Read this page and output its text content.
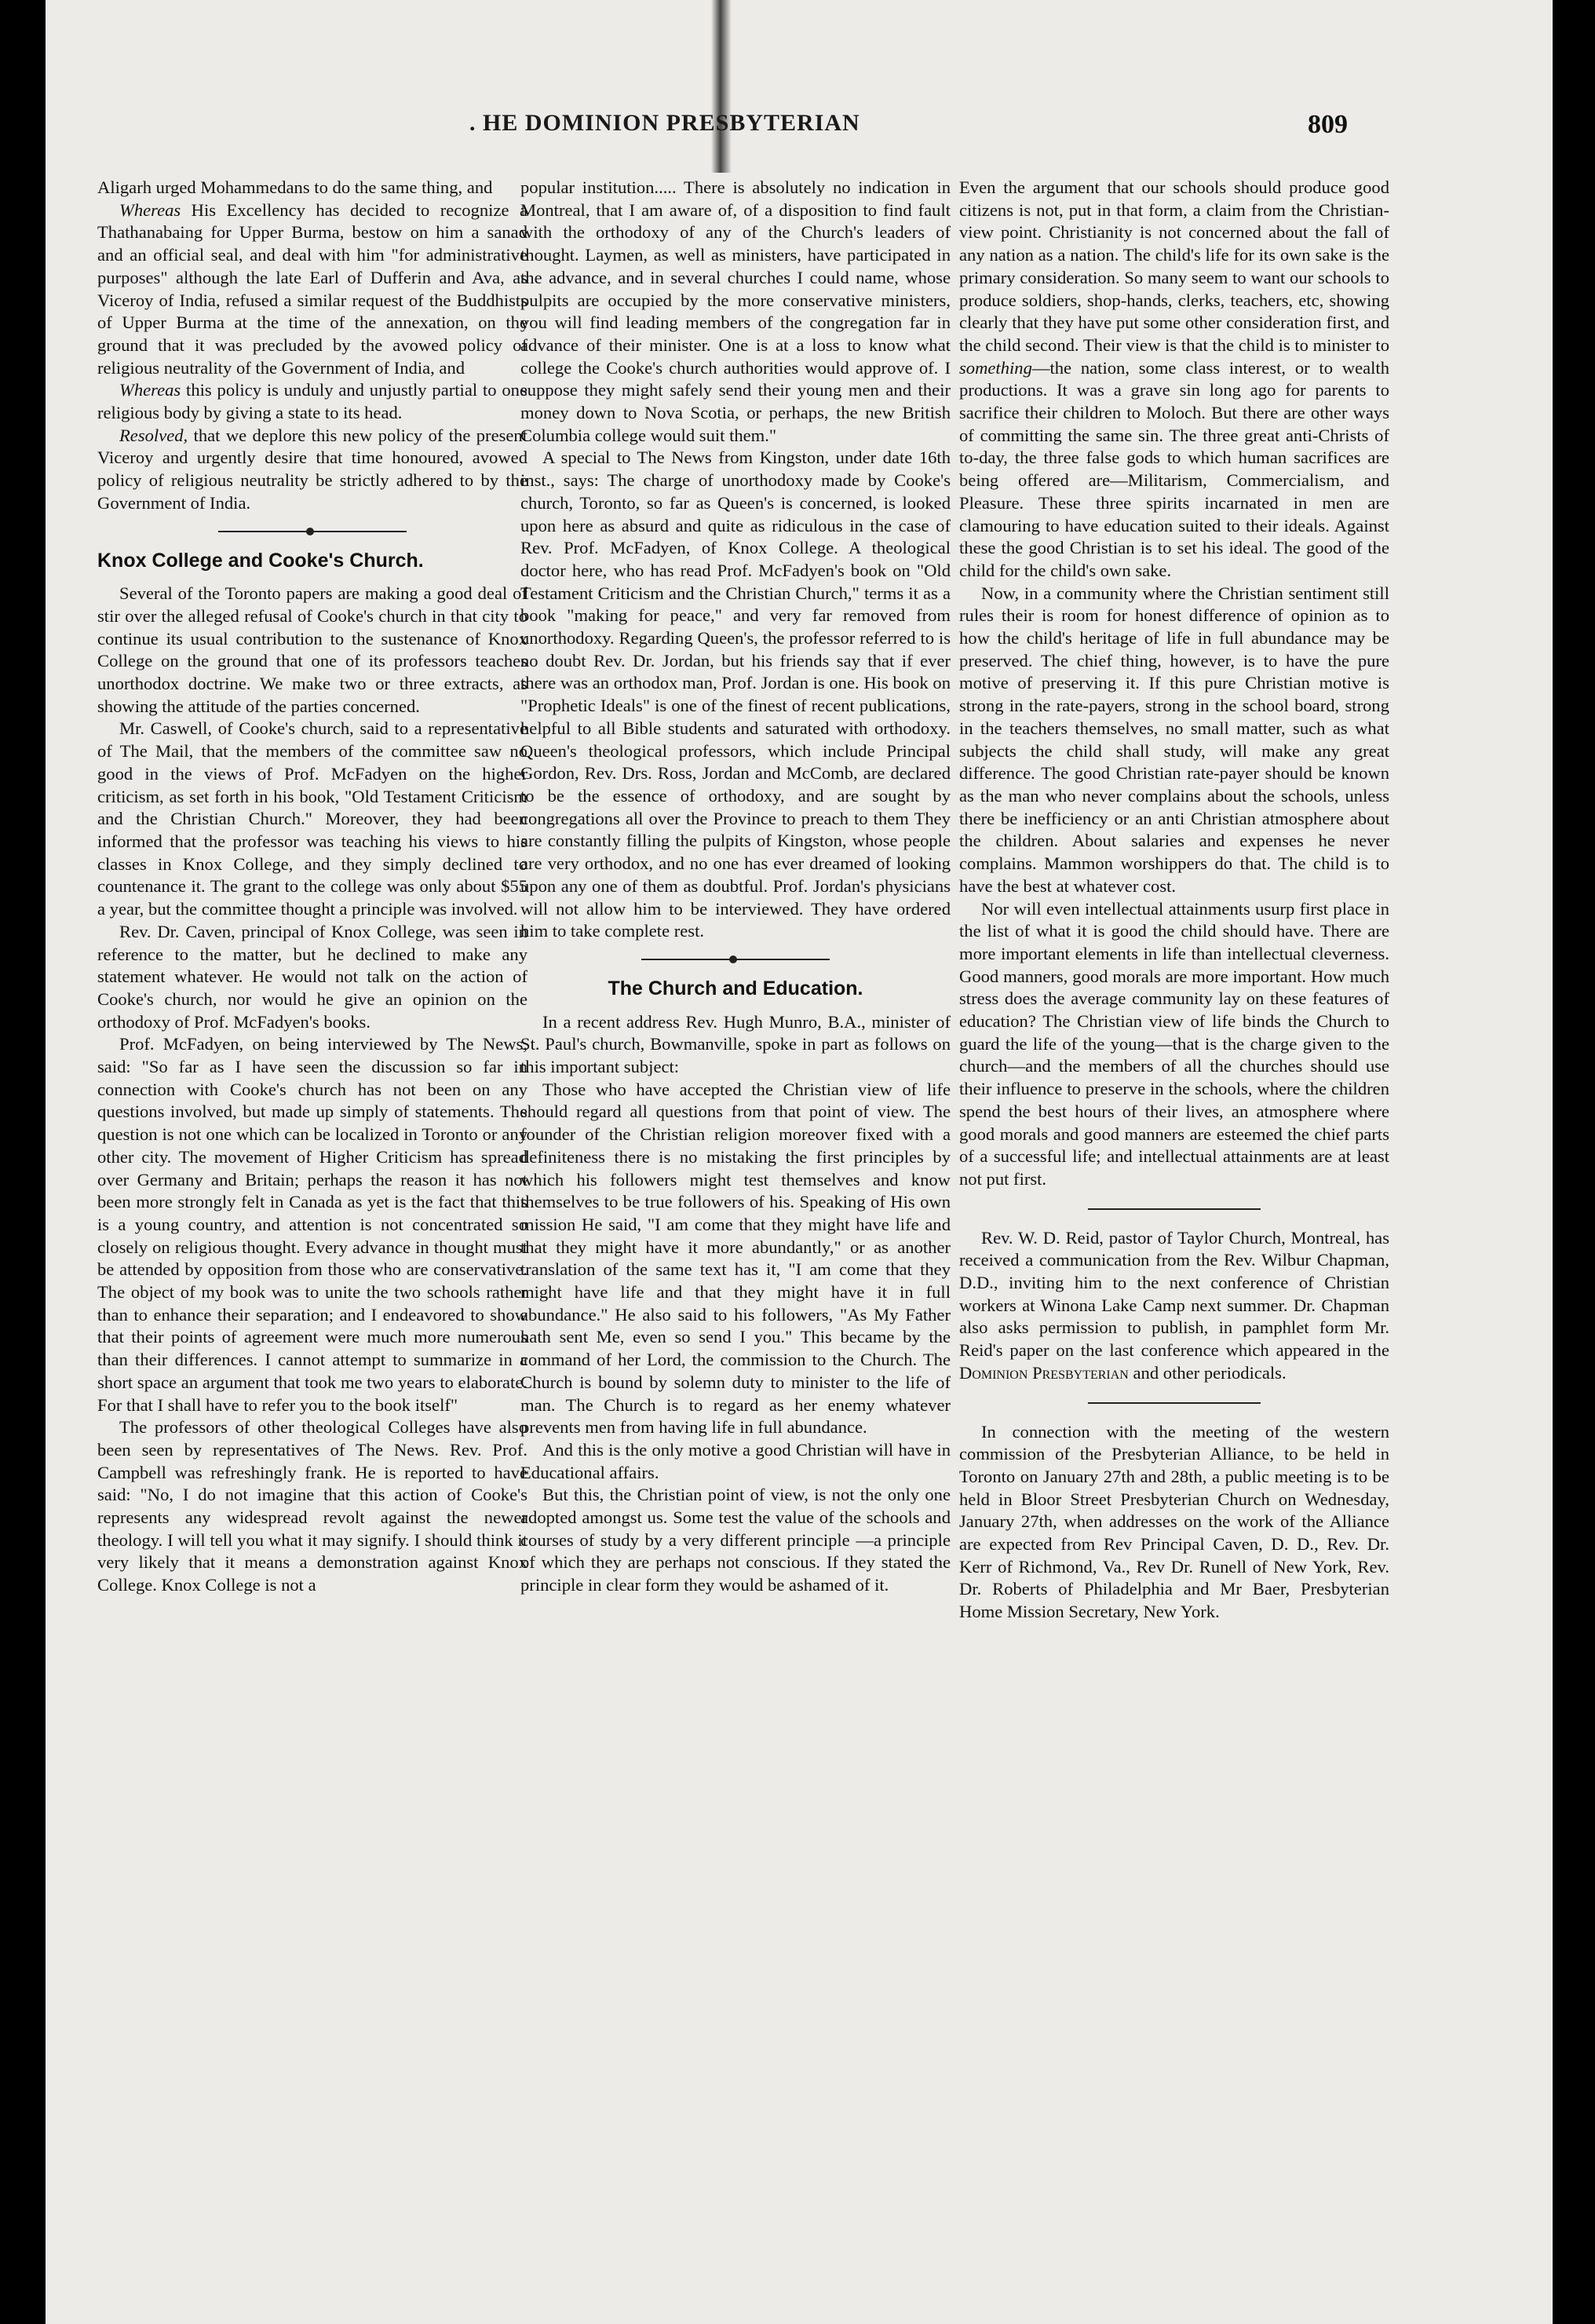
. HE DOMINION PRESBYTERIAN	809

Aligarh urged Mohammedans to do the same thing, and

Whereas His Excellency has decided to recognize a Thathanabaing for Upper Burma, bestow on him a sanad and an official seal, and deal with him "for administrative purposes" although the late Earl of Dufferin and Ava, as Viceroy of India, refused a similar request of the Buddhists of Upper Burma at the time of the annexation, on the ground that it was precluded by the avowed policy of religious neutrality of the Government of India, and

Whereas this policy is unduly and unjustly partial to one religious body by giving a state to its head.

Resolved, that we deplore this new policy of the present Viceroy and urgently desire that time honoured, avowed policy of religious neutrality be strictly adhered to by the Government of India.

Knox College and Cooke's Church.

Several of the Toronto papers are making a good deal of stir over the alleged refusal of Cooke's church in that city to continue its usual contribution to the sustenance of Knox College on the ground that one of its professors teaches unorthodox doctrine. We make two or three extracts, as showing the attitude of the parties concerned.

Mr. Caswell, of Cooke's church, said to a representative of The Mail, that the members of the committee saw no good in the views of Prof. McFadyen on the higher criticism, as set forth in his book, "Old Testament Criticism and the Christian Church." Moreover, they had been informed that the professor was teaching his views to his classes in Knox College, and they simply declined to countenance it. The grant to the college was only about $55 a year, but the committee thought a principle was involved.

Rev. Dr. Caven, principal of Knox College, was seen in reference to the matter, but he declined to make any statement whatever. He would not talk on the action of Cooke's church, nor would he give an opinion on the orthodoxy of Prof. McFadyen's books.

Prof. McFadyen, on being interviewed by The News, said: "So far as I have seen the discussion so far in connection with Cooke's church has not been on any questions involved, but made up simply of statements. The question is not one which can be localized in Toronto or any other city. The movement of Higher Criticism has spread over Germany and Britain; perhaps the reason it has not been more strongly felt in Canada as yet is the fact that this is a young country, and attention is not concentrated so closely on religious thought. Every advance in thought must be attended by opposition from those who are conservative. The object of my book was to unite the two schools rather than to enhance their separation; and I endeavored to show that their points of agreement were much more numerous than their differences. I cannot attempt to summarize in a short space an argument that took me two years to elaborate. For that I shall have to refer you to the book itself"

The professors of other theological Colleges have also been seen by representatives of The News. Rev. Prof. Campbell was refreshingly frank. He is reported to have said: "No, I do not imagine that this action of Cooke's represents any widespread revolt against the newer theology. I will tell you what it may signify. I should think it very likely that it means a demonstration against Knox College. Knox College is not a

popular institution..... There is absolutely no indication in Montreal, that I am aware of, of a disposition to find fault with the orthodoxy of any of the Church's leaders of thought. Laymen, as well as ministers, have participated in the advance, and in several churches I could name, whose pulpits are occupied by the more conservative ministers, you will find leading members of the congregation far in advance of their minister. One is at a loss to know what college the Cooke's church authorities would approve of. I suppose they might safely send their young men and their money down to Nova Scotia, or perhaps, the new British Columbia college would suit them."

A special to The News from Kingston, under date 16th inst., says: The charge of unorthodoxy made by Cooke's church, Toronto, so far as Queen's is concerned, is looked upon here as absurd and quite as ridiculous in the case of Rev. Prof. McFadyen, of Knox College. A theological doctor here, who has read Prof. McFadyen's book on "Old Testament Criticism and the Christian Church," terms it as a book "making for peace," and very far removed from unorthodoxy. Regarding Queen's, the professor referred to is no doubt Rev. Dr. Jordan, but his friends say that if ever there was an orthodox man, Prof. Jordan is one. His book on "Prophetic Ideals" is one of the finest of recent publications, helpful to all Bible students and saturated with orthodoxy. Queen's theological professors, which include Principal Gordon, Rev. Drs. Ross, Jordan and McComb, are declared to be the essence of orthodoxy, and are sought by congregations all over the Province to preach to them They are constantly filling the pulpits of Kingston, whose people are very orthodox, and no one has ever dreamed of looking upon any one of them as doubtful. Prof. Jordan's physicians will not allow him to be interviewed. They have ordered him to take complete rest.

The Church and Education.

In a recent address Rev. Hugh Munro, B.A., minister of St. Paul's church, Bowmanville, spoke in part as follows on this important subject:

Those who have accepted the Christian view of life should regard all questions from that point of view. The founder of the Christian religion moreover fixed with a definiteness there is no mistaking the first principles by which his followers might test themselves and know themselves to be true followers of his. Speaking of His own mission He said, "I am come that they might have life and that they might have it more abundantly," or as another translation of the same text has it, "I am come that they might have life and that they might have it in full abundance." He also said to his followers, "As My Father hath sent Me, even so send I you." This became by the command of her Lord, the commission to the Church. The Church is bound by solemn duty to minister to the life of man. The Church is to regard as her enemy whatever prevents men from having life in full abundance.

And this is the only motive a good Christian will have in Educational affairs.

But this, the Christian point of view, is not the only one adopted amongst us. Some test the value of the schools and courses of study by a very different principle —a principle of which they are perhaps not conscious. If they stated the principle in clear form they would be ashamed of it.

Even the argument that our schools should produce good citizens is not, put in that form, a claim from the Christian-view point. Christianity is not concerned about the fall of any nation as a nation. The child's life for its own sake is the primary consideration. So many seem to want our schools to produce soldiers, shop-hands, clerks, teachers, etc, showing clearly that they have put some other consideration first, and the child second. Their view is that the child is to minister to something—the nation, some class interest, or to wealth productions. It was a grave sin long ago for parents to sacrifice their children to Moloch. But there are other ways of committing the same sin. The three great anti-Christs of to-day, the three false gods to which human sacrifices are being offered are—Militarism, Commercialism, and Pleasure. These three spirits incarnated in men are clamouring to have education suited to their ideals. Against these the good Christian is to set his ideal. The good of the child for the child's own sake.

Now, in a community where the Christian sentiment still rules their is room for honest difference of opinion as to how the child's heritage of life in full abundance may be preserved. The chief thing, however, is to have the pure motive of preserving it. If this pure Christian motive is strong in the rate-payers, strong in the school board, strong in the teachers themselves, no small matter, such as what subjects the child shall study, will make any great difference. The good Christian rate-payer should be known as the man who never complains about the schools, unless there be inefficiency or an anti Christian atmosphere about the children. About salaries and expenses he never complains. Mammon worshippers do that. The child is to have the best at whatever cost.

Nor will even intellectual attainments usurp first place in the list of what it is good the child should have. There are more important elements in life than intellectual cleverness. Good manners, good morals are more important. How much stress does the average community lay on these features of education? The Christian view of life binds the Church to guard the life of the young—that is the charge given to the church—and the members of all the churches should use their influence to preserve in the schools, where the children spend the best hours of their lives, an atmosphere where good morals and good manners are esteemed the chief parts of a successful life; and intellectual attainments are at least not put first.

Rev. W. D. Reid, pastor of Taylor Church, Montreal, has received a communication from the Rev. Wilbur Chapman, D.D., inviting him to the next conference of Christian workers at Winona Lake Camp next summer. Dr. Chapman also asks permission to publish, in pamphlet form Mr. Reid's paper on the last conference which appeared in the Dominion Presbyterian and other periodicals.

In connection with the meeting of the western commission of the Presbyterian Alliance, to be held in Toronto on January 27th and 28th, a public meeting is to be held in Bloor Street Presbyterian Church on Wednesday, January 27th, when addresses on the work of the Alliance are expected from Rev Principal Caven, D. D., Rev. Dr. Kerr of Richmond, Va., Rev Dr. Runell of New York, Rev. Dr. Roberts of Philadelphia and Mr Baer, Presbyterian Home Mission Secretary, New York.
